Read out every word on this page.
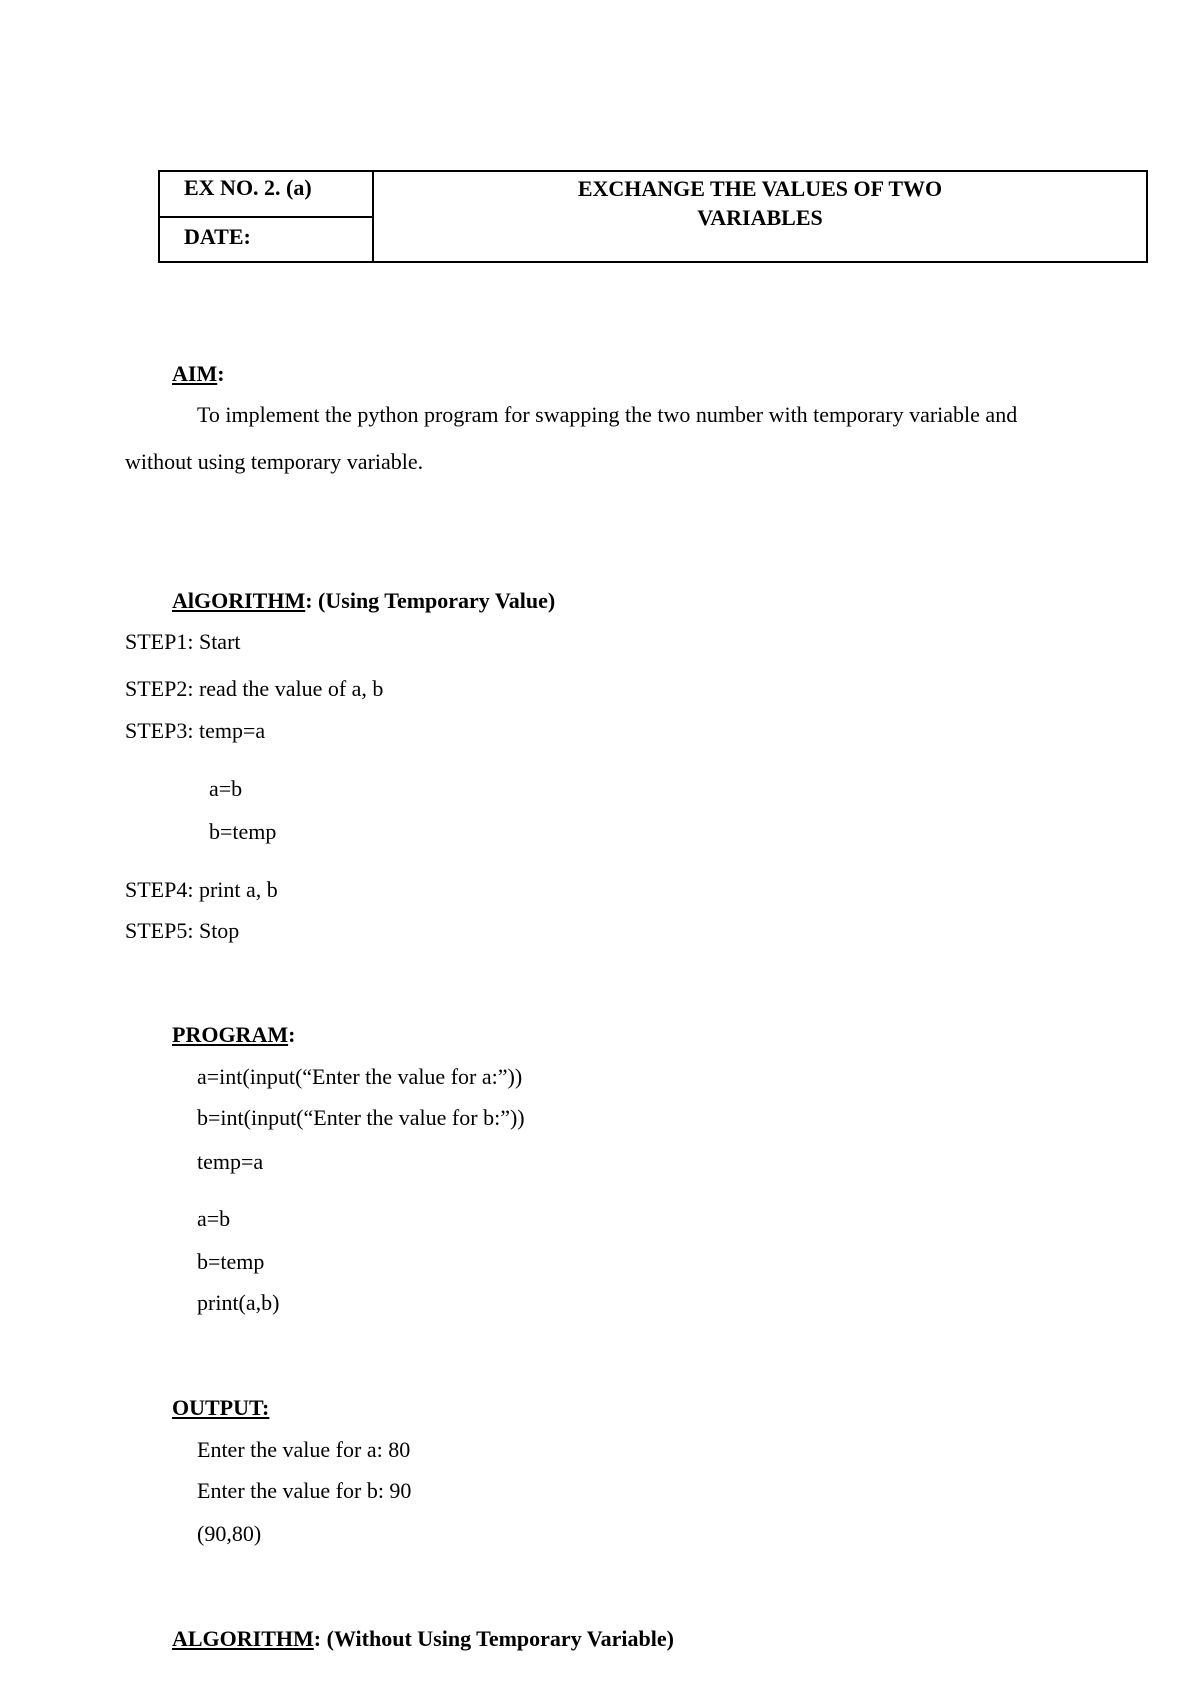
EX NO. 2. (a)
DATE:
EXCHANGE THE VALUES OF TWO
VARIABLES
AIM:
To implement the python program for swapping the two number with temporary variable and
without using temporary variable.
AlGORITHM: (Using Temporary Value)
STEP1: Start
STEP2: read the value of a, b
STEP3: temp=a
a=b
b=temp
STEP4: print a, b
STEP5: Stop
PROGRAM:
a=int(input(“Enter the value for a:”))
b=int(input(“Enter the value for b:”))
temp=a
a=b
b=temp
print(a,b)
OUTPUT:
Enter the value for a: 80
Enter the value for b: 90
(90,80)
ALGORITHM: (Without Using Temporary Variable)
